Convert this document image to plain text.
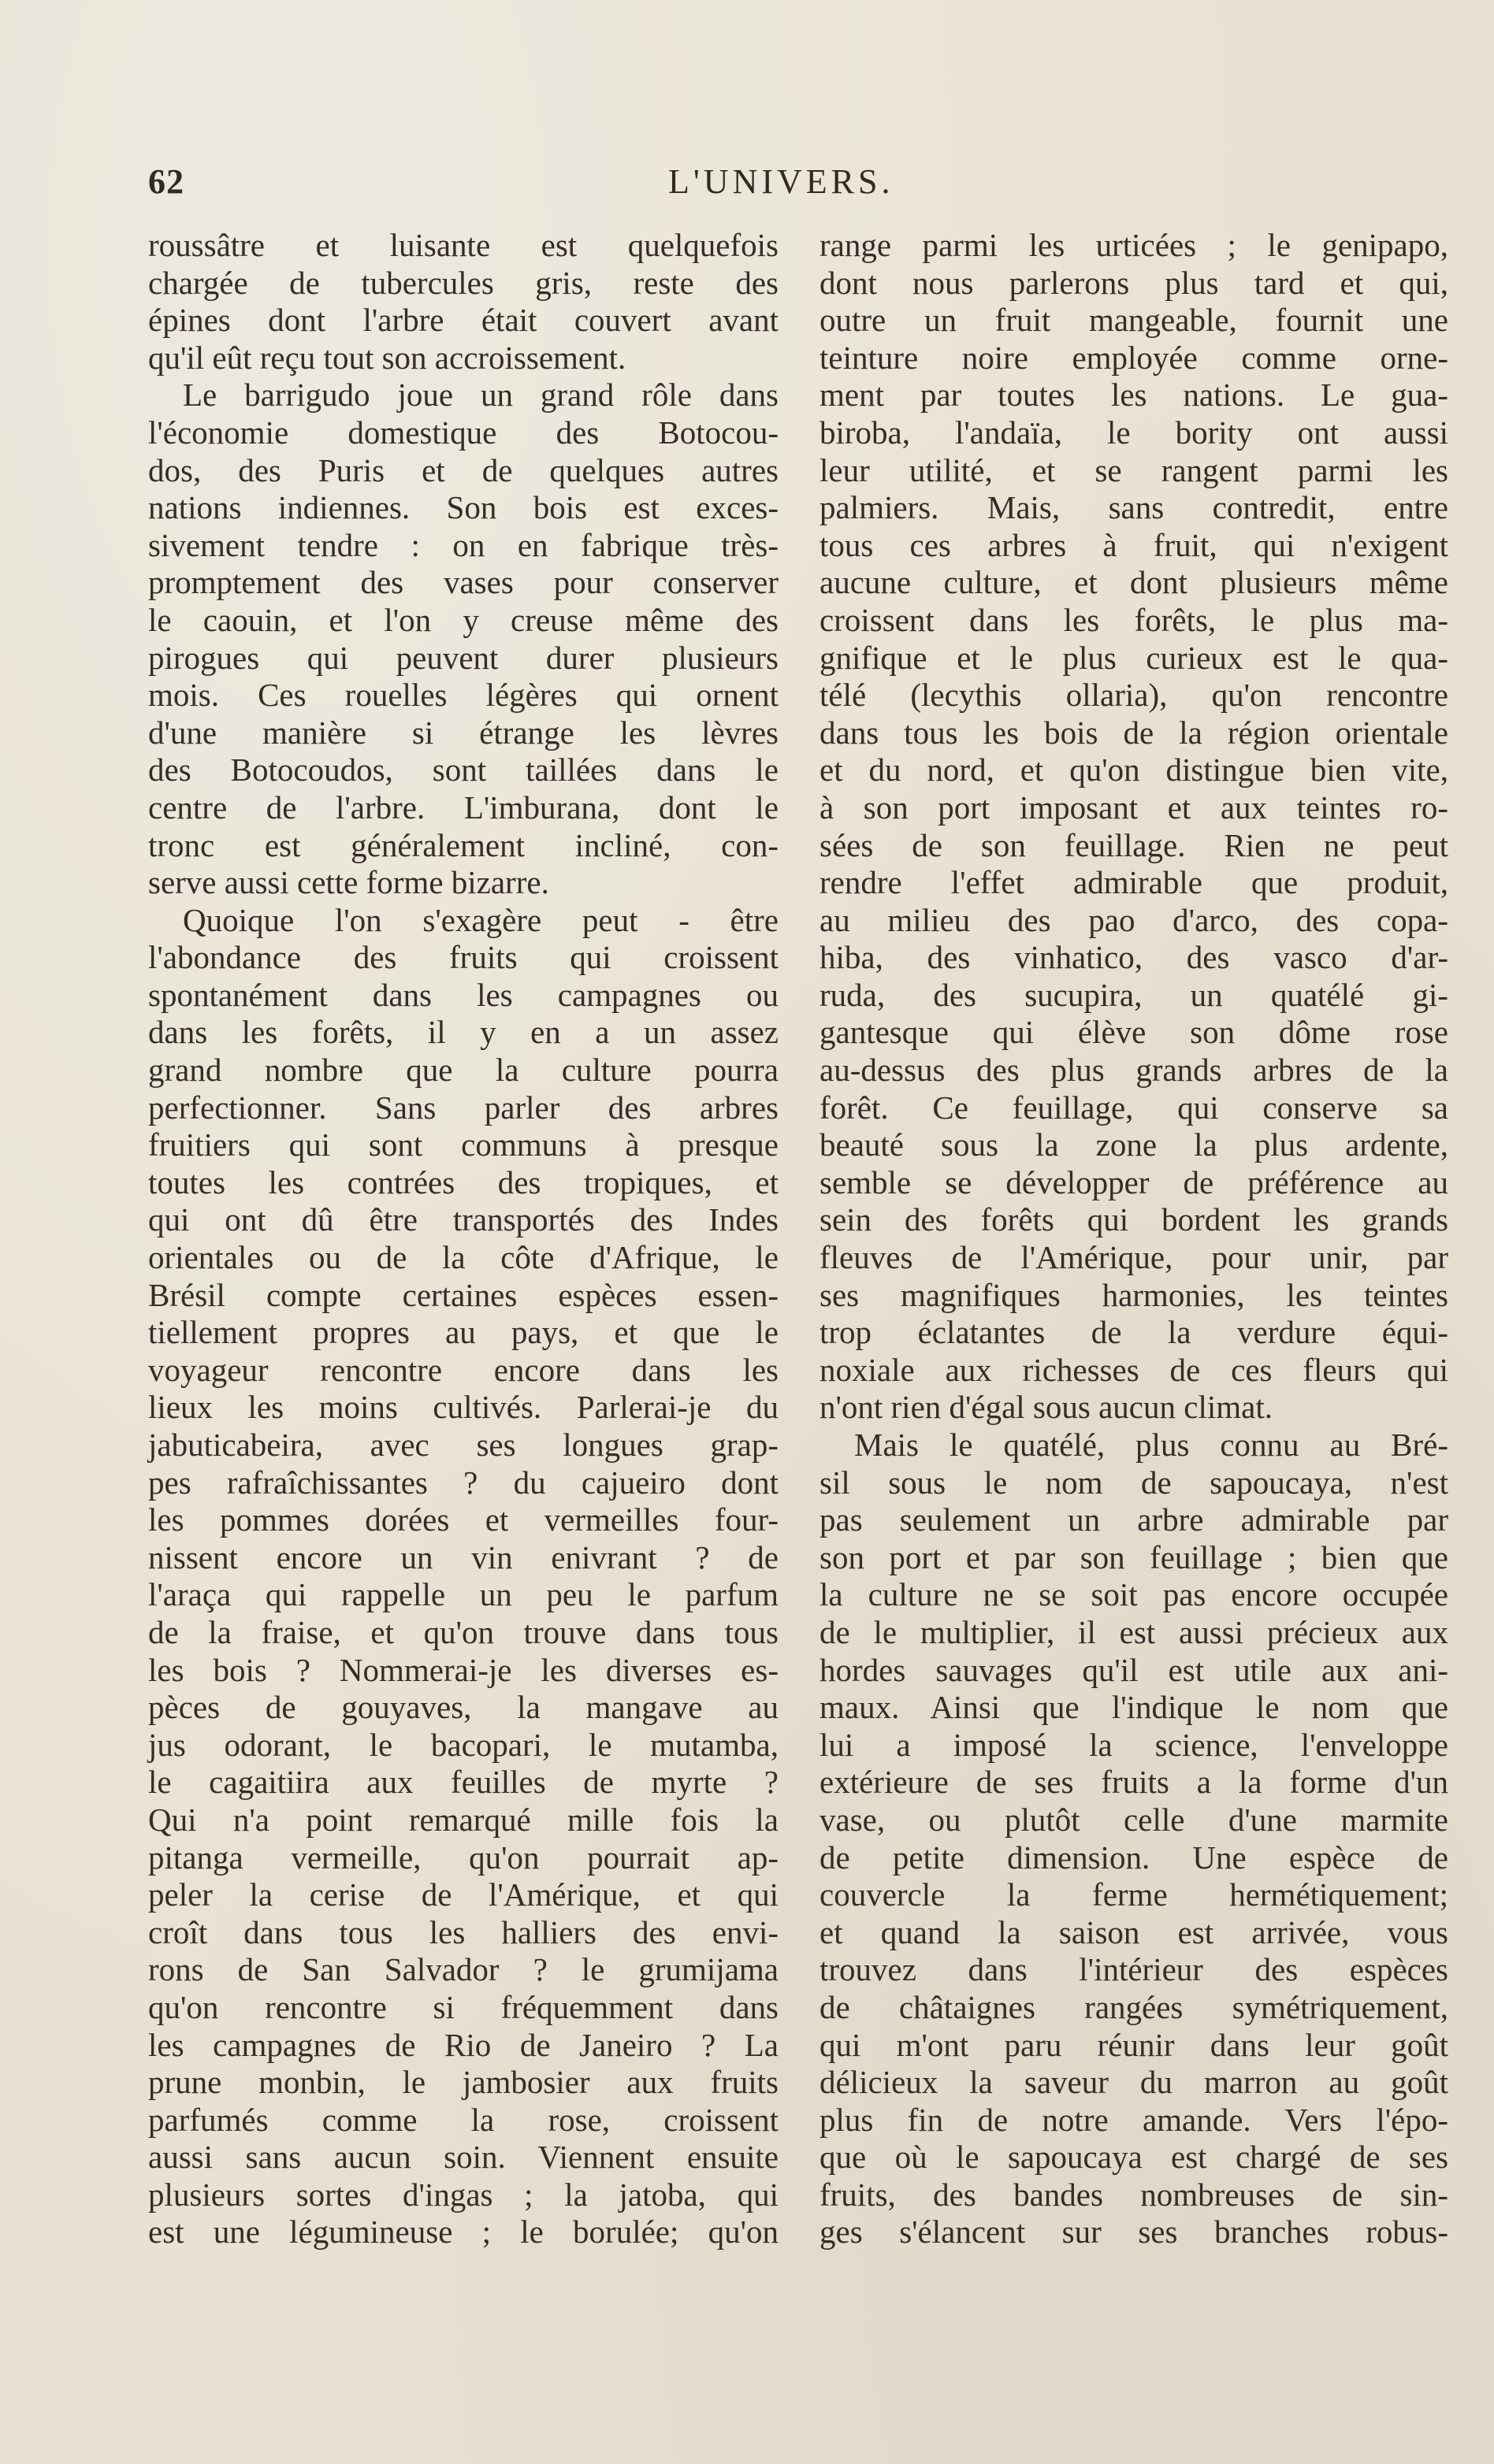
62	L'UNIVERS.
roussâtre et luisante est quelquefois
chargée de tubercules gris, reste des
épines dont l'arbre était couvert avant
qu'il eût reçu tout son accroissement.
Le barrigudo joue un grand rôle dans
l'économie domestique des Botocou-
dos, des Puris et de quelques autres
nations indiennes. Son bois est exces-
sivement tendre : on en fabrique très-
promptement des vases pour conserver
le caouin, et l'on y creuse même des
pirogues qui peuvent durer plusieurs
mois. Ces rouelles légères qui ornent
d'une manière si étrange les lèvres
des Botocoudos, sont taillées dans le
centre de l'arbre. L'imburana, dont le
tronc est généralement incliné, con-
serve aussi cette forme bizarre.
Quoique l'on s'exagère peut - être
l'abondance des fruits qui croissent
spontanément dans les campagnes ou
dans les forêts, il y en a un assez
grand nombre que la culture pourra
perfectionner. Sans parler des arbres
fruitiers qui sont communs à presque
toutes les contrées des tropiques, et
qui ont dû être transportés des Indes
orientales ou de la côte d'Afrique, le
Brésil compte certaines espèces essen-
tiellement propres au pays, et que le
voyageur rencontre encore dans les
lieux les moins cultivés. Parlerai-je du
jabuticabeira, avec ses longues grap-
pes rafraîchissantes ? du cajueiro dont
les pommes dorées et vermeilles four-
nissent encore un vin enivrant ? de
l'araça qui rappelle un peu le parfum
de la fraise, et qu'on trouve dans tous
les bois ? Nommerai-je les diverses es-
pèces de gouyaves, la mangave au
jus odorant, le bacopari, le mutamba,
le cagaitiira aux feuilles de myrte ?
Qui n'a point remarqué mille fois la
pitanga vermeille, qu'on pourrait ap-
peler la cerise de l'Amérique, et qui
croît dans tous les halliers des envi-
rons de San Salvador ? le grumijama
qu'on rencontre si fréquemment dans
les campagnes de Rio de Janeiro ? La
prune monbin, le jambosier aux fruits
parfumés comme la rose, croissent
aussi sans aucun soin. Viennent ensuite
plusieurs sortes d'ingas ; la jatoba, qui
est une légumineuse ; le borulée; qu'on
range parmi les urticées ; le genipapo,
dont nous parlerons plus tard et qui,
outre un fruit mangeable, fournit une
teinture noire employée comme orne-
ment par toutes les nations. Le gua-
biroba, l'andaïa, le bority ont aussi
leur utilité, et se rangent parmi les
palmiers. Mais, sans contredit, entre
tous ces arbres à fruit, qui n'exigent
aucune culture, et dont plusieurs même
croissent dans les forêts, le plus ma-
gnifique et le plus curieux est le qua-
télé (lecythis ollaria), qu'on rencontre
dans tous les bois de la région orientale
et du nord, et qu'on distingue bien vite,
à son port imposant et aux teintes ro-
sées de son feuillage. Rien ne peut
rendre l'effet admirable que produit,
au milieu des pao d'arco, des copa-
hiba, des vinhatico, des vasco d'ar-
ruda, des sucupira, un quatélé gi-
gantesque qui élève son dôme rose
au-dessus des plus grands arbres de la
forêt. Ce feuillage, qui conserve sa
beauté sous la zone la plus ardente,
semble se développer de préférence au
sein des forêts qui bordent les grands
fleuves de l'Amérique, pour unir, par
ses magnifiques harmonies, les teintes
trop éclatantes de la verdure équi-
noxiale aux richesses de ces fleurs qui
n'ont rien d'égal sous aucun climat.
Mais le quatélé, plus connu au Bré-
sil sous le nom de sapoucaya, n'est
pas seulement un arbre admirable par
son port et par son feuillage ; bien que
la culture ne se soit pas encore occupée
de le multiplier, il est aussi précieux aux
hordes sauvages qu'il est utile aux ani-
maux. Ainsi que l'indique le nom que
lui a imposé la science, l'enveloppe
extérieure de ses fruits a la forme d'un
vase, ou plutôt celle d'une marmite
de petite dimension. Une espèce de
couvercle la ferme hermétiquement;
et quand la saison est arrivée, vous
trouvez dans l'intérieur des espèces
de châtaignes rangées symétriquement,
qui m'ont paru réunir dans leur goût
délicieux la saveur du marron au goût
plus fin de notre amande. Vers l'épo-
que où le sapoucaya est chargé de ses
fruits, des bandes nombreuses de sin-
ges s'élancent sur ses branches robus-
